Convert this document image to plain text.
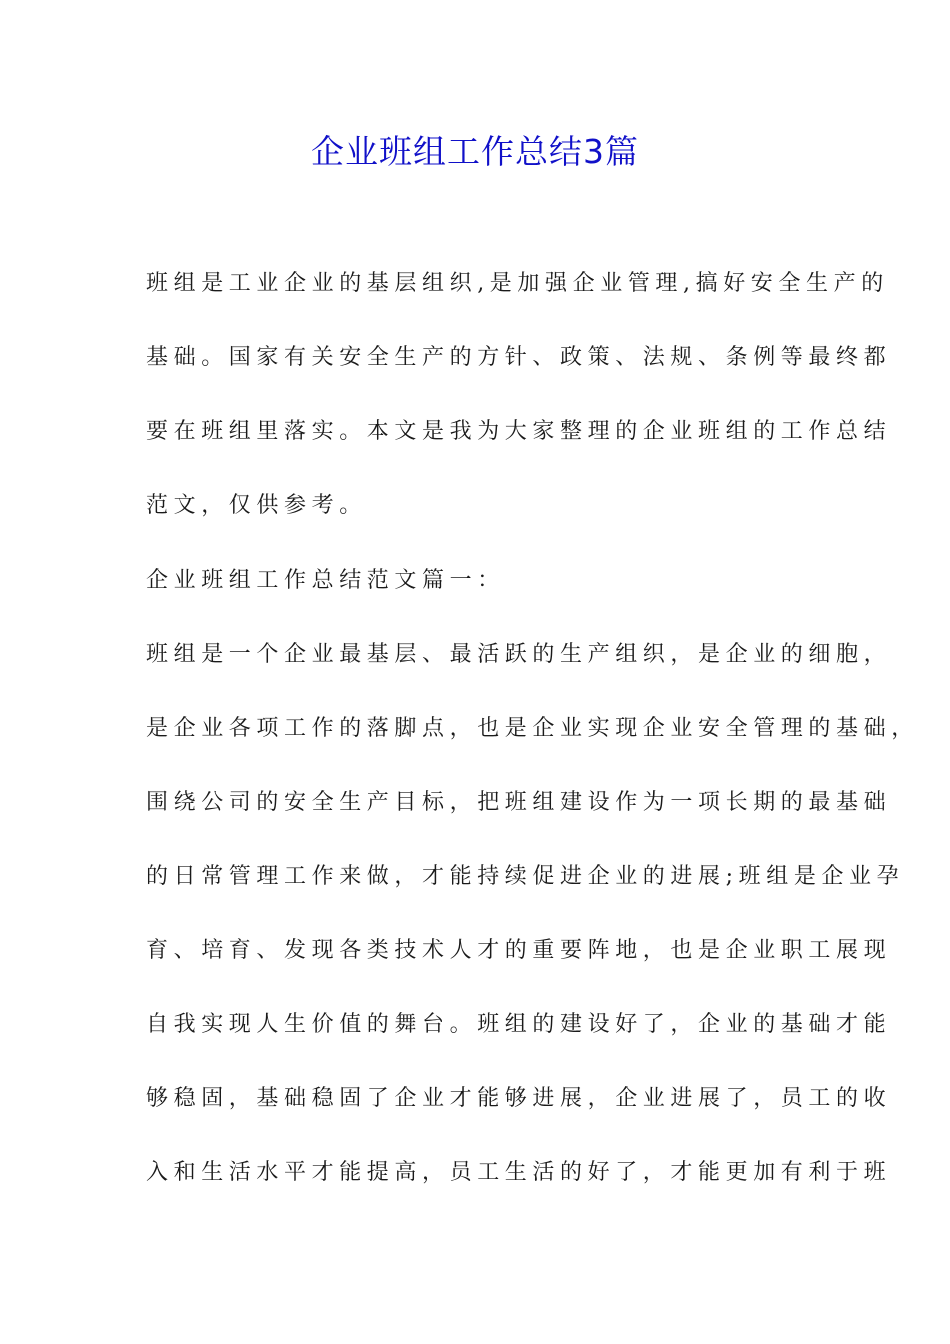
企业班组工作总结3篇
班组是工业企业的基层组织,是加强企业管理,搞好安全生产的
基础。国家有关安全生产的方针、政策、法规、条例等最终都
要在班组里落实。本文是我为大家整理的企业班组的工作总结
范文，仅供参考。
企业班组工作总结范文篇一：
班组是一个企业最基层、最活跃的生产组织，是企业的细胞，
是企业各项工作的落脚点，也是企业实现企业安全管理的基础，
围绕公司的安全生产目标，把班组建设作为一项长期的最基础
的日常管理工作来做，才能持续促进企业的进展;班组是企业孕
育、培育、发现各类技术人才的重要阵地，也是企业职工展现
自我实现人生价值的舞台。班组的建设好了，企业的基础才能
够稳固，基础稳固了企业才能够进展，企业进展了，员工的收
入和生活水平才能提高，员工生活的好了，才能更加有利于班
